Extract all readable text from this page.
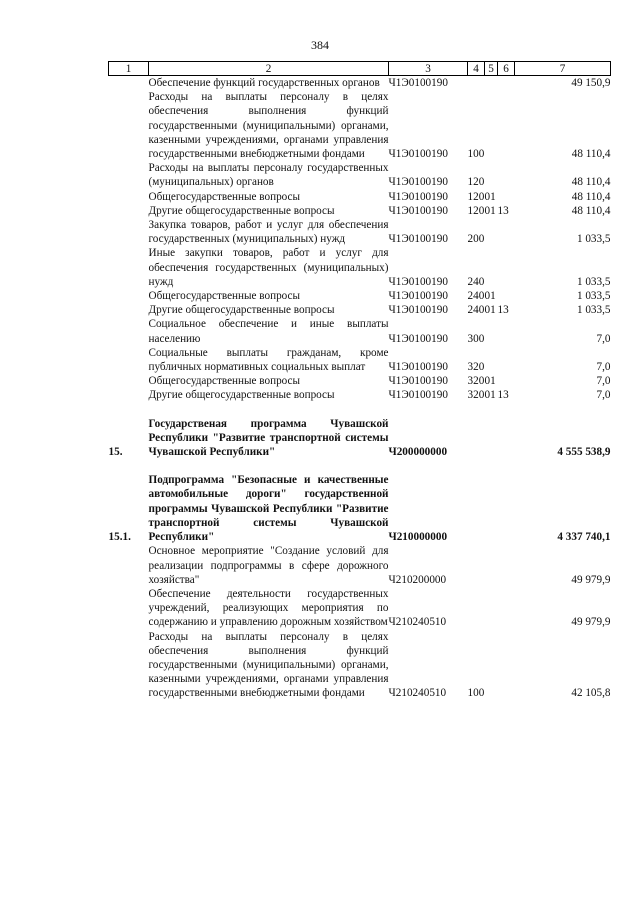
384
1	2	3	4	5	6	7
	Обеспечение функций государственных органов	Ч1Э0100190				49 150,9
	Расходы на выплаты персоналу в целях обеспечения выполнения функций государственными (муниципальными) органами, казенными учреждениями, органами управления государственными внебюджетными фондами	Ч1Э0100190	100			48 110,4
	Расходы на выплаты персоналу государственных (муниципальных) органов	Ч1Э0100190	120			48 110,4
	Общегосударственные вопросы	Ч1Э0100190	120	01		48 110,4
	Другие общегосударственные вопросы	Ч1Э0100190	120	01	13	48 110,4
	Закупка товаров, работ и услуг для обеспечения государственных (муниципальных) нужд	Ч1Э0100190	200			1 033,5
	Иные закупки товаров, работ и услуг для обеспечения государственных (муниципальных) нужд	Ч1Э0100190	240			1 033,5
	Общегосударственные вопросы	Ч1Э0100190	240	01		1 033,5
	Другие общегосударственные вопросы	Ч1Э0100190	240	01	13	1 033,5
	Социальное обеспечение и иные выплаты населению	Ч1Э0100190	300			7,0
	Социальные выплаты гражданам, кроме публичных нормативных социальных выплат	Ч1Э0100190	320			7,0
	Общегосударственные вопросы	Ч1Э0100190	320	01		7,0
	Другие общегосударственные вопросы	Ч1Э0100190	320	01	13	7,0

15.	Государственая программа Чувашской Республики "Развитие транспортной системы Чувашской Республики"	Ч200000000				4 555 538,9

15.1.	Подпрограмма "Безопасные и качественные автомобильные дороги" государственной программы Чувашской Республики "Развитие транспортной системы Чувашской Республики"	Ч210000000				4 337 740,1
	Основное мероприятие "Создание условий для реализации подпрограммы в сфере дорожного хозяйства"	Ч210200000				49 979,9
	Обеспечение деятельности государственных учреждений, реализующих мероприятия по содержанию и управлению дорожным хозяйством	Ч210240510				49 979,9
	Расходы на выплаты персоналу в целях обеспечения выполнения функций государственными (муниципальными) органами, казенными учреждениями, органами управления государственными внебюджетными фондами	Ч210240510	100			42 105,8
